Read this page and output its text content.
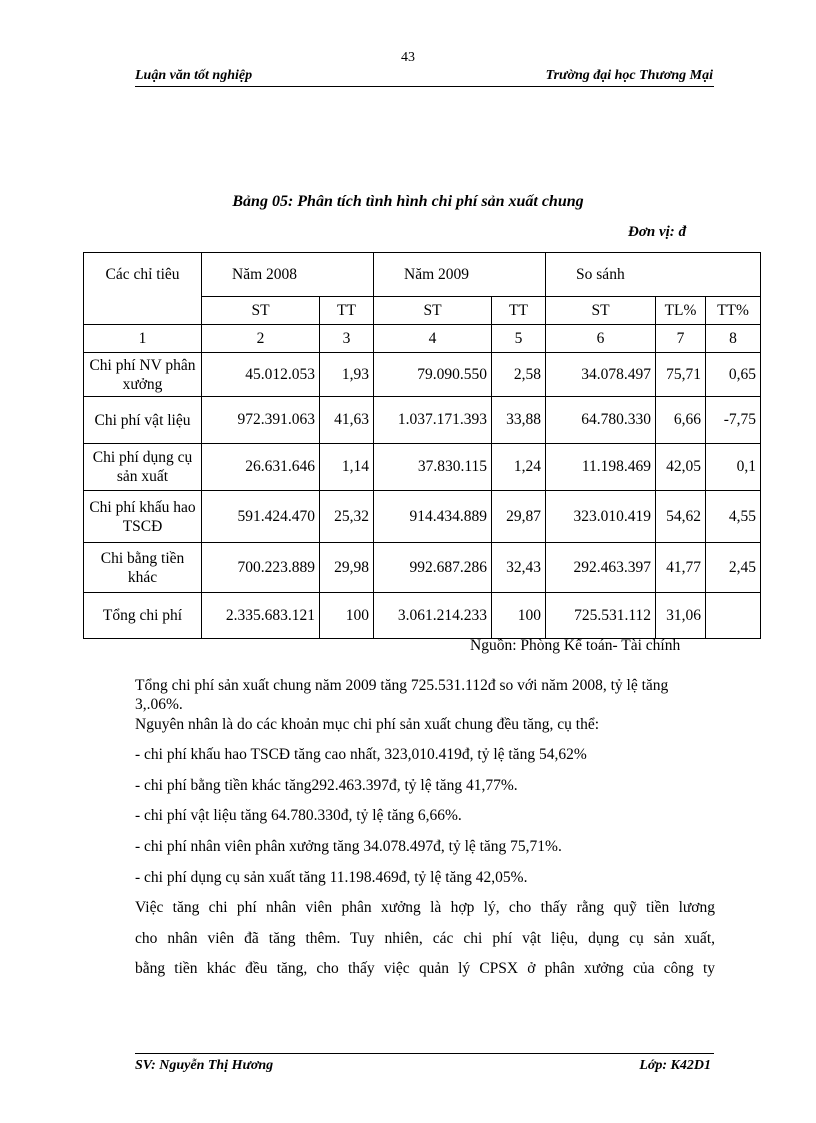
43
Luận văn tốt nghiệp	Trường đại học Thương Mại
Bảng 05: Phân tích tình hình chi phí sản xuất chung
Đơn vị: đ
Các chỉ tiêu	Năm 2008		Năm 2009		So sánh		
	ST	TT	ST	TT	ST	TL%	TT%
1	2	3	4	5	6	7	8
Chi phí NV phân xưởng	45.012.053	1,93	79.090.550	2,58	34.078.497	75,71	0,65
Chi phí vật liệu	972.391.063	41,63	1.037.171.393	33,88	64.780.330	6,66	-7,75
Chi phí dụng cụ sản xuất	26.631.646	1,14	37.830.115	1,24	11.198.469	42,05	0,1
Chi phí khấu hao TSCĐ	591.424.470	25,32	914.434.889	29,87	323.010.419	54,62	4,55
Chi bằng tiền khác	700.223.889	29,98	992.687.286	32,43	292.463.397	41,77	2,45
Tổng chi phí	2.335.683.121	100	3.061.214.233	100	725.531.112	31,06	
Nguồn: Phòng Kế toán- Tài chính
Tổng chi phí sản xuất chung năm 2009 tăng 725.531.112đ so với năm 2008, tỷ lệ tăng 3,.06%.
Nguyên nhân là do các khoản mục chi phí sản xuất chung đều tăng, cụ thể:
- chi phí khấu hao TSCĐ tăng cao nhất, 323,010.419đ, tỷ lệ tăng 54,62%
- chi phí bằng tiền khác tăng292.463.397đ, tỷ lệ tăng 41,77%.
- chi phí vật liệu tăng 64.780.330đ, tỷ lệ tăng 6,66%.
- chi phí nhân viên phân xưởng tăng 34.078.497đ, tỷ lệ tăng 75,71%.
- chi phí dụng cụ sản xuất tăng 11.198.469đ, tỷ lệ tăng 42,05%.
Việc tăng chi phí nhân viên phân xưởng là hợp lý, cho thấy rằng quỹ tiền lương
cho nhân viên đã tăng thêm. Tuy nhiên, các chi phí vật liệu, dụng cụ sản xuất,
bằng tiền khác đều tăng, cho thấy việc quản lý CPSX ở phân xưởng của công ty
SV: Nguyễn Thị Hương	Lớp: K42D1
